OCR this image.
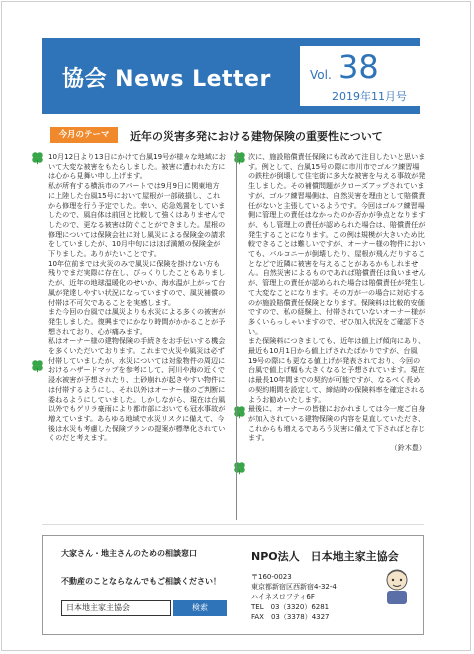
協会 News Letter	Vol. 38
2019年11月号
今月のテーマ	近年の災害多発における建物保険の重要性について

10月12日より13日にかけて台風19号が様々な地域において大変な被害をもたらしました。被害に遭われた方には心から見舞い申し上げます。

私が所有する横浜市のアパートでは9月9日に関東地方に上陸した台風15号において屋根が一部破損し、これから修理を行う予定でした。幸い、応急処置をしていましたので、風自体は前回と比較して強くはありませんでしたので、更なる被害は防ぐことができました。屋根の修理については保険会社に対し風災による保険金の請求をしていましたが、10月中旬にはほぼ満額の保険金が下りました。ありがたいことです。

10年位前までは火災のみで風災に保険を掛けない方も残りでまだ実際に存在し、びっくりしたこともありましたが、近年の地球温暖化のせいか、海水温が上がって台風が発達しやすい状況になっていますので、風災補償の付帯は不可欠であることを実感します。

また今回の台風では風災よりも水災による多くの被害が発生しました。復興までにかなり時間がかかることが予想されており、心が痛みます。

私はオーナー様の建物保険の手続きをお手伝いする機会を多くいただいております。これまで火災や風災は必ず付帯していましたが、水災については対象物件の周辺におけるハザードマップを参考にして、河川や海の近くで浸水被害が予想されたり、土砂崩れが起きやすい物件には付帯するようにし、それ以外はオーナー様のご判断に委ねるようにしていました。しかしながら、現在は台風以外でもゲリラ豪雨により都市部においても冠水事故が増えています。あらゆる地域で水災リスクに備えて、今後は水災も考慮した保険プランの提案が標準化されていくのだと考えます。

次に、施設賠償責任保険にも改めて注目したいと思います。例として、台風15号の際に市川市でゴルフ練習場の鉄柱が倒壊して住宅街に多大な被害を与える事故が発生しました。その補償問題がクローズアップされていますが、ゴルフ練習場側は、自然災害を理由として賠償責任がないと主張しているようです。今回はゴルフ練習場側に管理上の責任はなかったのか否かが争点となりますが、もし管理上の責任が認められた場合は、賠償責任が発生することになります。この例は規模が大きいため比較できることは難しいですが、オーナー様の物件においても、バルコニーが倒壊したり、屋根が飛んだりすることなどで近隣に被害を与えることがあるかもしれません。自然災害によるものであれば賠償責任は負いませんが、管理上の責任が認められた場合は賠償責任が発生して大変なことになります。その万が一の場合に対応するのが施設賠償責任保険となります。保険料は比較的安価ですので、私の経験上、付帯されていないオーナー様が多くいらっしゃいますので、ぜひ加入状況をご確認下さい。

また保険料につきましても、近年は値上げ傾向にあり、最近も10月1日から値上げされたばかりですが、台風19号の際にも更なる値上げが発表されており、今回の台風で値上げ幅も大きくなると予想されています。現在は最長10年間までの契約が可能ですが、なるべく長めの契約期間を設定して、締結時の保険料率を確定されるようお勧めいたします。

最後に、オーナーの皆様におかれましては今一度ご自身が加入されている建物保険の内容を見直していただき、これからも増えるであろう災害に備えて下さればと存じます。

（鈴木豊）

大家さん・地主さんのための相談窓口
不動産のことならなんでもご相談ください！
日本地主家主協会	検索
NPO法人　日本地主家主協会
〒160-0023
東京都新宿区西新宿4-32-4
ハイネスロフティ6F
TEL　03（3320）6281
FAX　03（3378）4327
